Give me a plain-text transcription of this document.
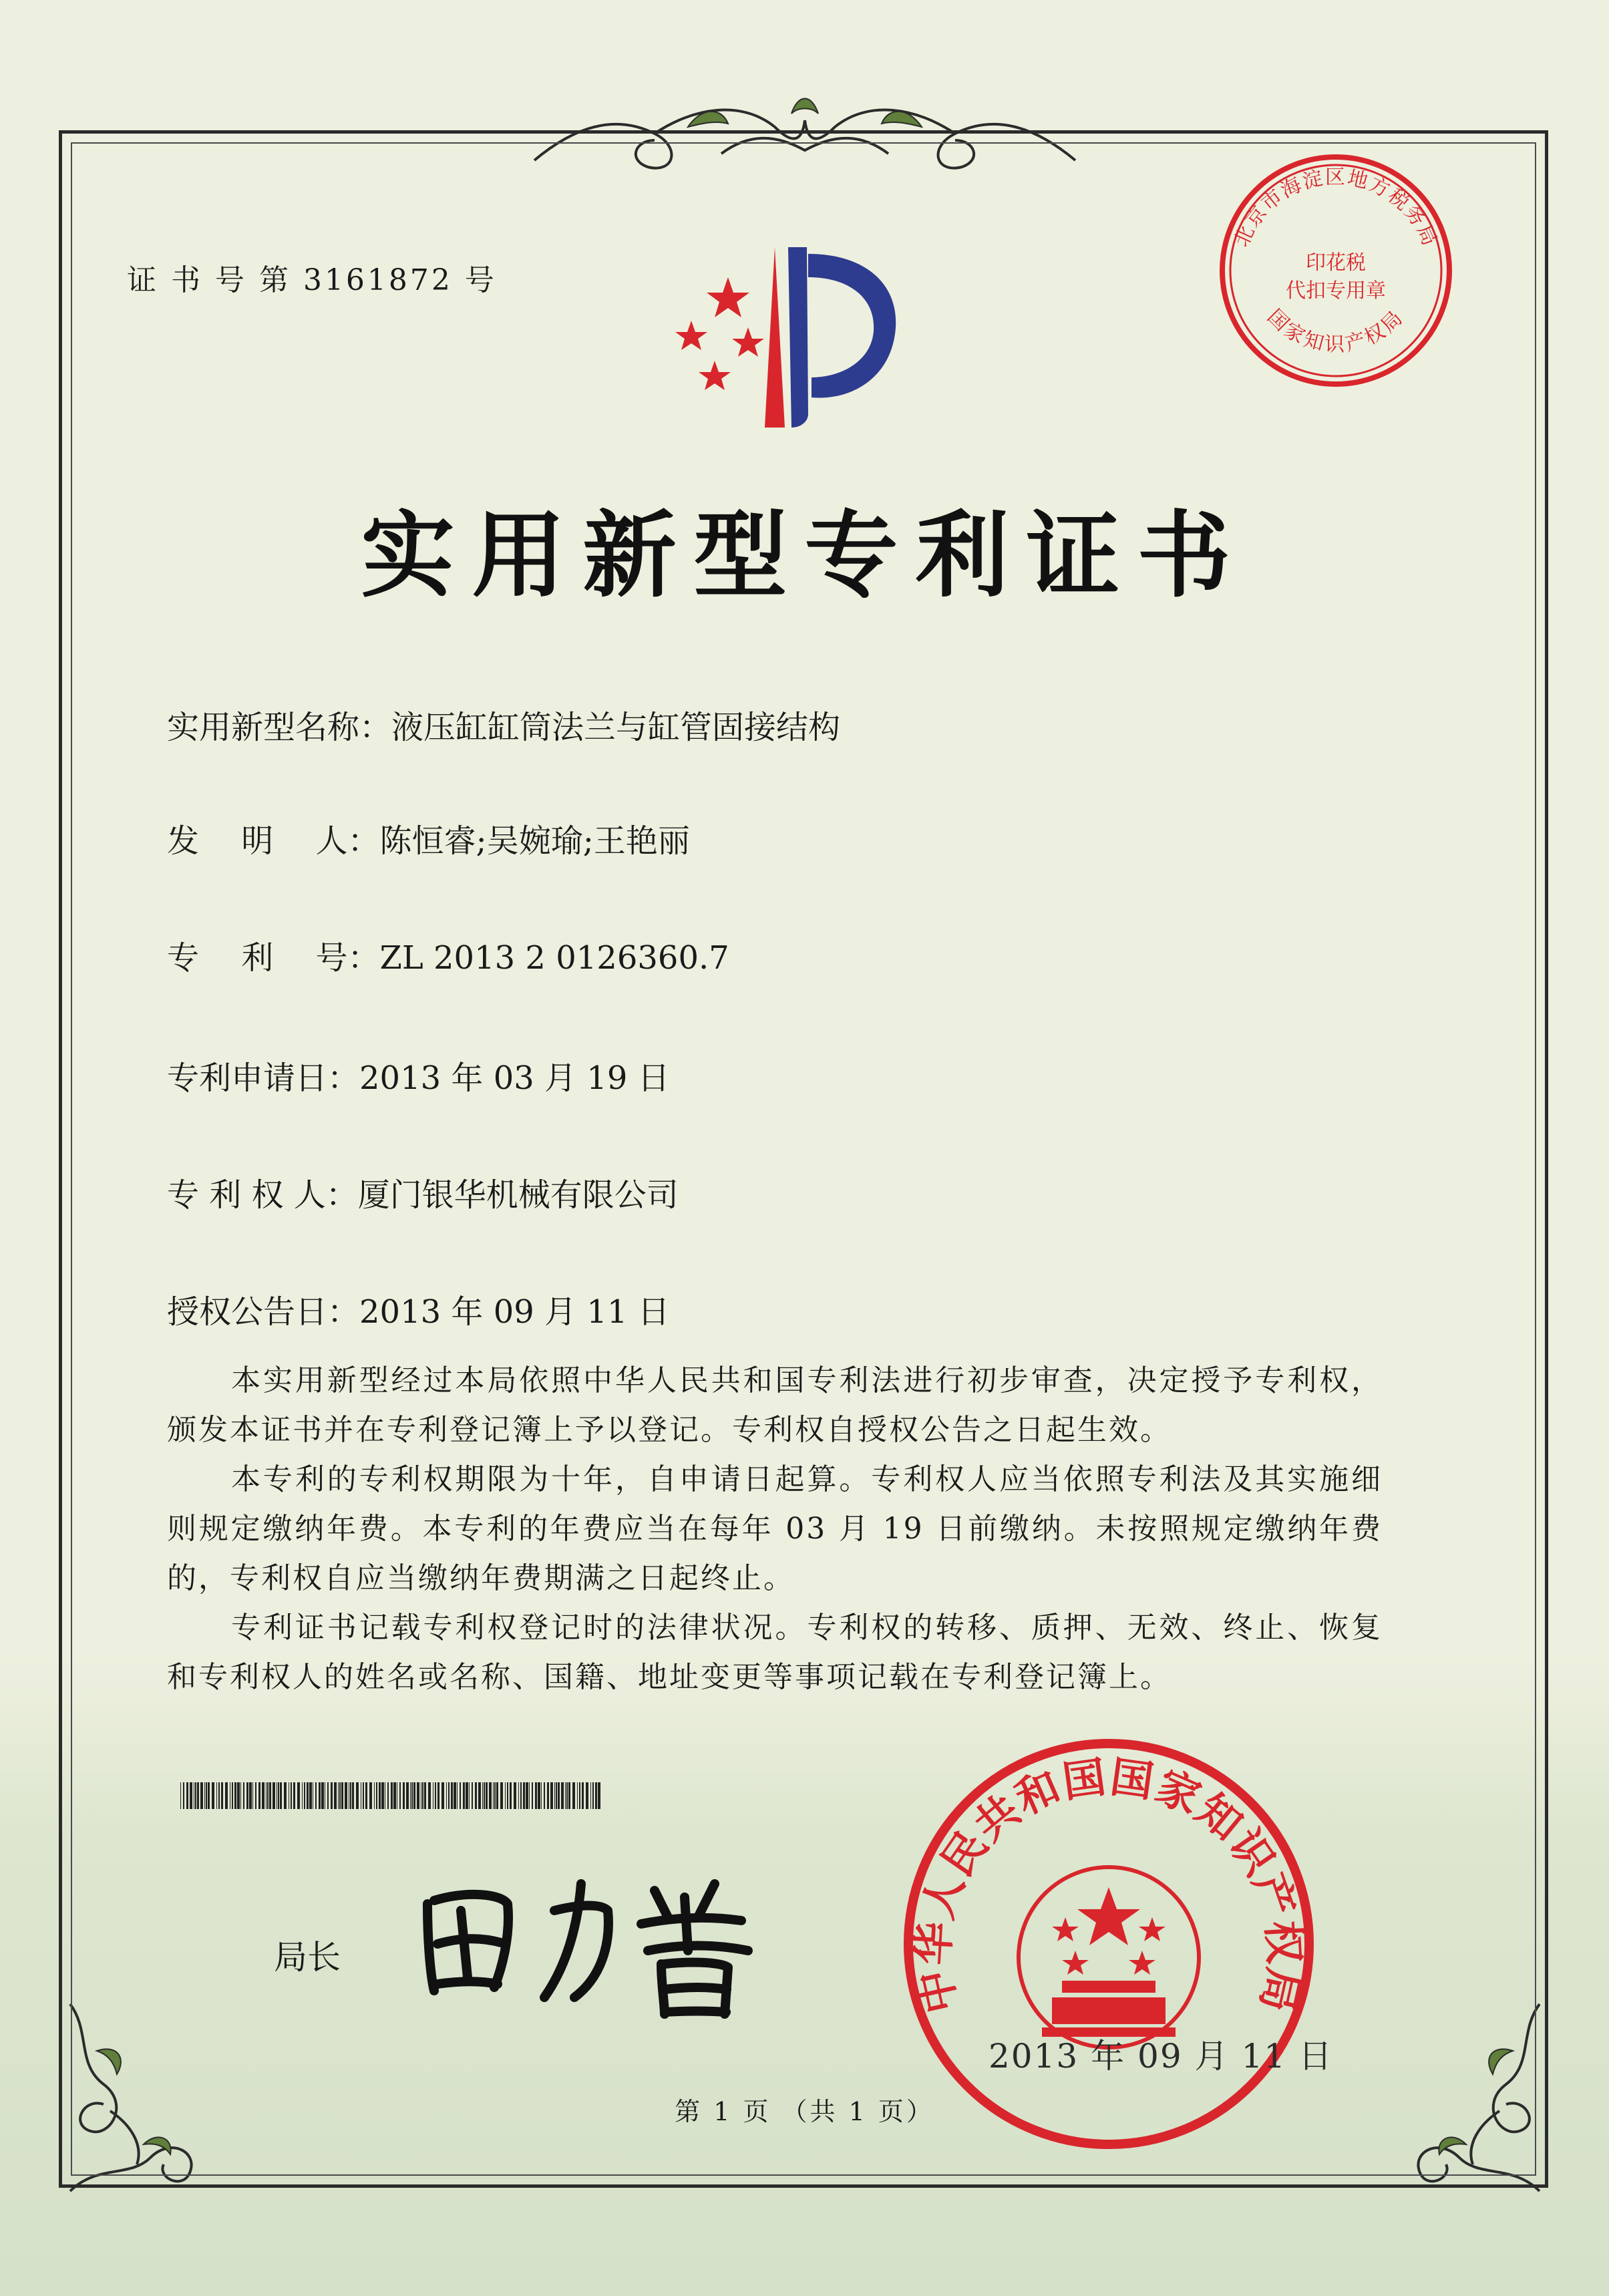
证 书 号 第 3161872 号
北京市海淀区地方税务局
国家知识产权局
印花税
代扣专用章
实用新型专利证书
实用新型名称：液压缸缸筒法兰与缸管固接结构
发　 明　 人：陈恒睿;吴婉瑜;王艳丽
专　 利　 号：ZL 2013 2 0126360.7
专利申请日：2013 年 03 月 19 日
专 利 权 人：厦门银华机械有限公司
授权公告日：2013 年 09 月 11 日

本实用新型经过本局依照中华人民共和国专利法进行初步审查，决定授予专利权，颁发本证书并在专利登记簿上予以登记。专利权自授权公告之日起生效。

本专利的专利权期限为十年，自申请日起算。专利权人应当依照专利法及其实施细则规定缴纳年费。本专利的年费应当在每年 03 月 19 日前缴纳。未按照规定缴纳年费的，专利权自应当缴纳年费期满之日起终止。

专利证书记载专利权登记时的法律状况。专利权的转移、质押、无效、终止、恢复和专利权人的姓名或名称、国籍、地址变更等事项记载在专利登记簿上。

局长
中华人民共和国国家知识产权局
2013 年 09 月 11 日
第 1 页 （共 1 页）
